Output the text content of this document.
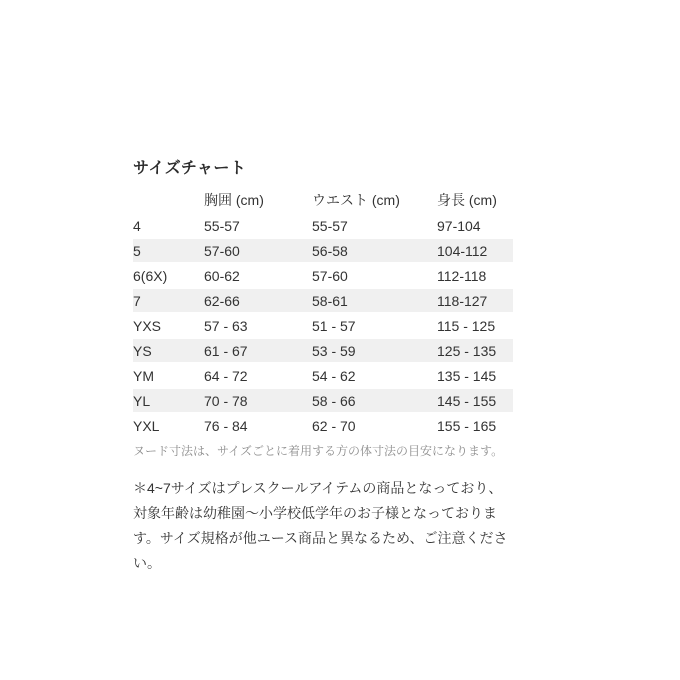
サイズチャート
	胸囲 (cm)	ウエスト (cm)	身長 (cm)
4	55-57	55-57	97-104
5	57-60	56-58	104-112
6(6X)	60-62	57-60	112-118
7	62-66	58-61	118-127
YXS	57 - 63	51 - 57	115 - 125
YS	61 - 67	53 - 59	125 - 135
YM	64 - 72	54 - 62	135 - 145
YL	70 - 78	58 - 66	145 - 155
YXL	76 - 84	62 - 70	155 - 165

ヌード寸法は、サイズごとに着用する方の体寸法の目安になります。

＊4~7サイズはプレスクールアイテムの商品となっており、対象年齢は幼稚園～小学校低学年のお子様となっております。サイズ規格が他ユース商品と異なるため、ご注意ください。
